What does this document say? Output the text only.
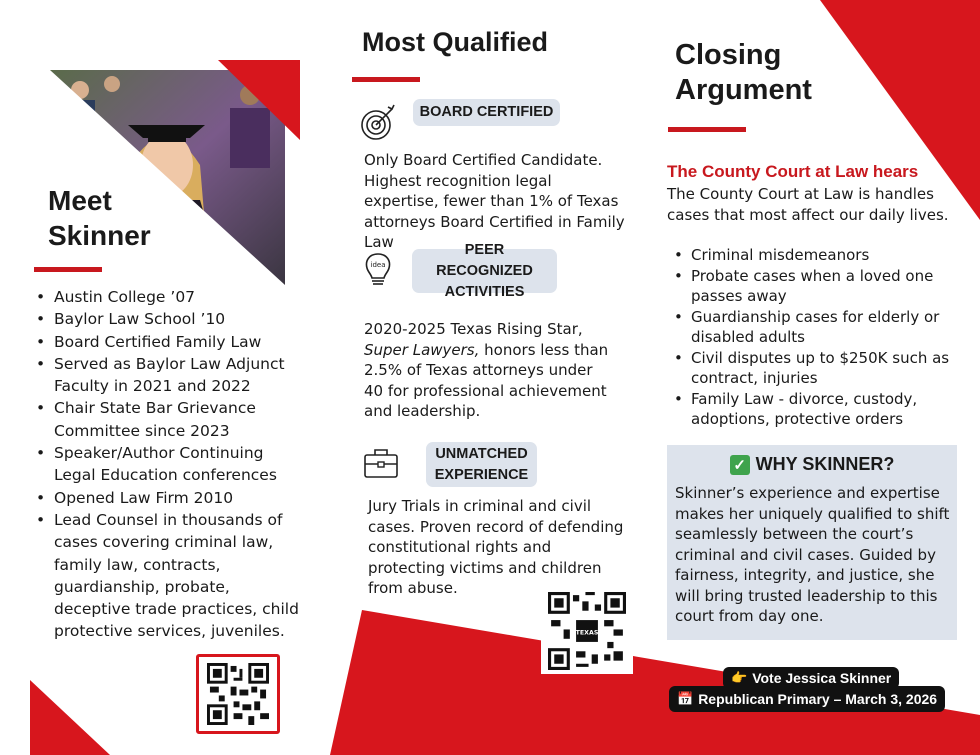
Meet
Skinner
• Austin College ’07
• Baylor Law School ’10
• Board Certified Family Law
• Served as Baylor Law Adjunct Faculty in 2021 and 2022
• Chair State Bar Grievance Committee since 2023
• Speaker/Author Continuing Legal Education conferences
• Opened Law Firm 2010
• Lead Counsel in thousands of cases covering criminal law, family law, contracts, guardianship, probate, deceptive trade practices, child protective services, juveniles.
Most Qualified
BOARD CERTIFIED
Only Board Certified Candidate. Highest recognition legal expertise, fewer than 1% of Texas attorneys Board Certified in Family Law
idea
PEER RECOGNIZED
ACTIVITIES
2020-2025 Texas Rising Star, Super Lawyers, honors less than 2.5% of Texas attorneys under 40 for professional achievement and leadership.
UNMATCHED
EXPERIENCE
Jury Trials in criminal and civil cases. Proven record of defending constitutional rights and protecting victims and children from abuse.
TEXAS
Closing
Argument
The County Court at Law hears
The County Court at Law is handles cases that most affect our daily lives.
• Criminal misdemeanors
• Probate cases when a loved one passes away
• Guardianship cases for elderly or disabled adults
• Civil disputes up to $250K such as contract, injuries
• Family Law - divorce, custody, adoptions, protective orders
✓ WHY SKINNER?
Skinner’s experience and expertise makes her uniquely qualified to shift seamlessly between the court’s criminal and civil cases. Guided by fairness, integrity, and justice, she will bring trusted leadership to this court from day one.
👉 Vote Jessica Skinner
📅 Republican Primary – March 3, 2026
